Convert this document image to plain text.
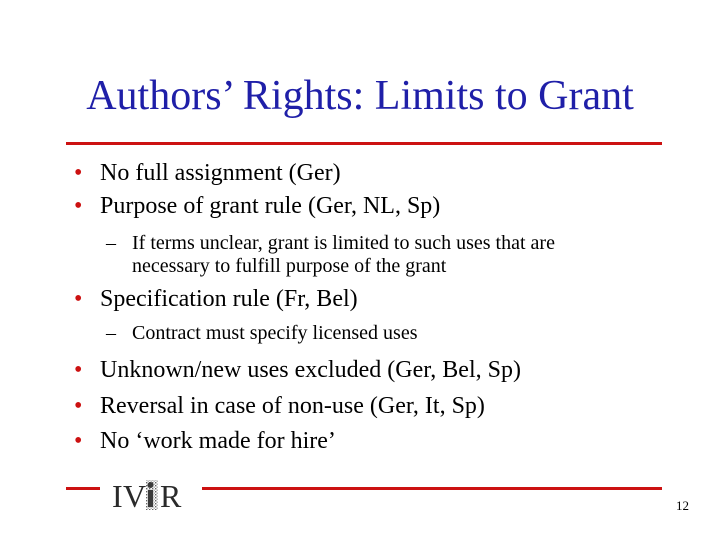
Authors’ Rights: Limits to Grant
• No full assignment (Ger)
• Purpose of grant rule (Ger, NL, Sp)
– If terms unclear, grant is limited to such uses that are
necessary to fulfill purpose of the grant
• Specification rule (Fr, Bel)
– Contract must specify licensed uses
• Unknown/new uses excluded (Ger, Bel, Sp)
• Reversal in case of non-use (Ger, It, Sp)
• No ‘work made for hire’
I V R	12
